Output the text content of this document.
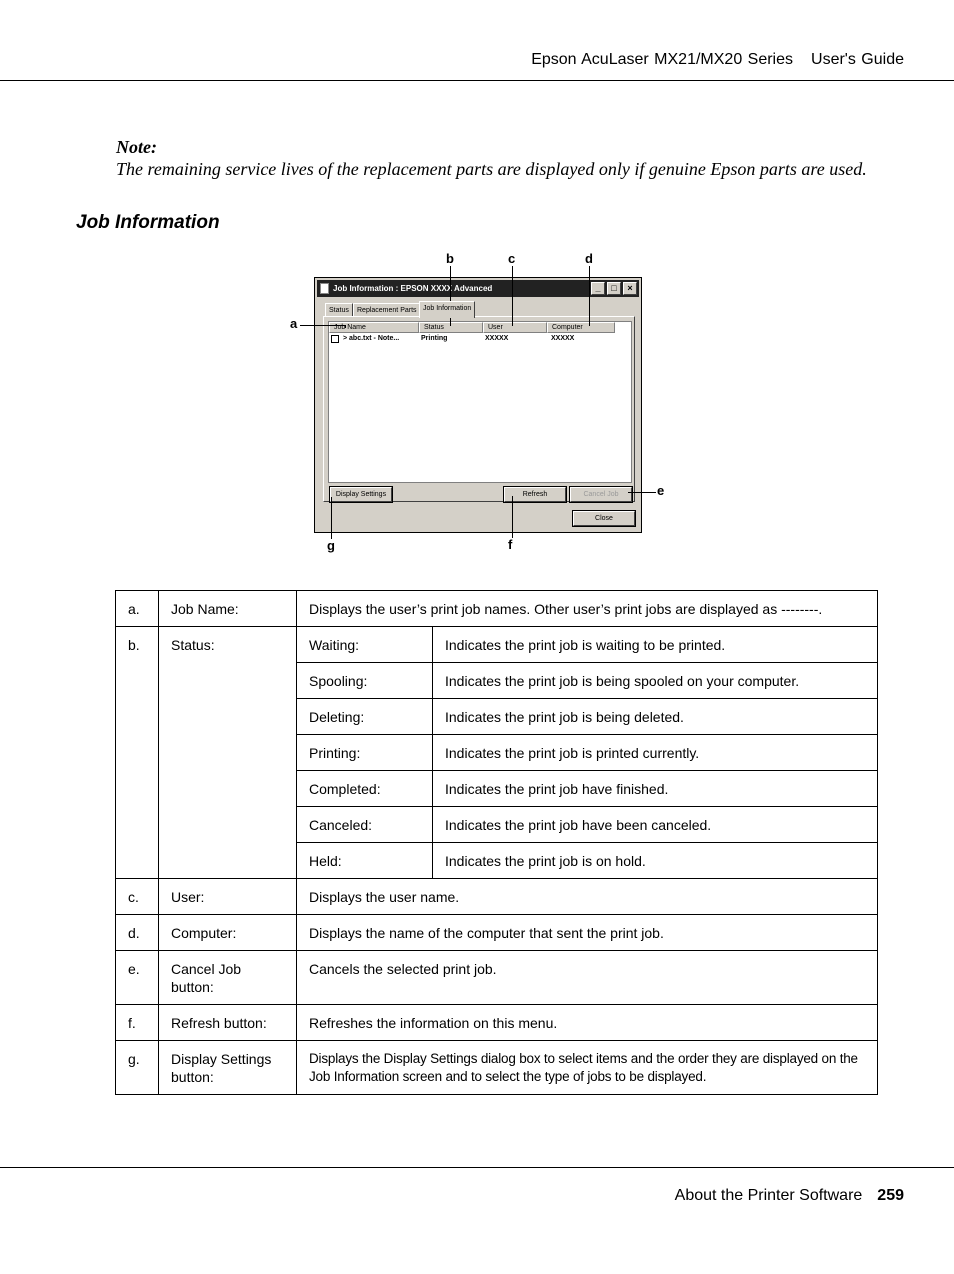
Epson AcuLaser MX21/MX20 Series User's Guide
Note:
The remaining service lives of the replacement parts are displayed only if genuine Epson parts are used.
Job Information
Job Information : EPSON XXXX Advanced	_	□	×
Status	Replacement Parts Job Information
Job Name	Status	User	Computer
> abc.txt - Note...	Printing	XXXXX	XXXXX
Display Settings	Refresh	Cancel Job
Close
a
b	c	d
e
f
g
a.	Job Name:	Displays the user’s print job names. Other user’s print jobs are displayed as --------.	
b.	Status:	Waiting:	Indicates the print job is waiting to be printed.
		Spooling:	Indicates the print job is being spooled on your computer.
		Deleting:	Indicates the print job is being deleted.
		Printing:	Indicates the print job is printed currently.
		Completed:	Indicates the print job have finished.
		Canceled:	Indicates the print job have been canceled.
		Held:	Indicates the print job is on hold.
c.	User:	Displays the user name.	
d.	Computer:	Displays the name of the computer that sent the print job.	
e.	Cancel Job button:	Cancels the selected print job.	
f.	Refresh button:	Refreshes the information on this menu.	
g.	Display Settings button:	Displays the Display Settings dialog box to select items and the order they are displayed on the Job Information screen and to select the type of jobs to be displayed.	
About the Printer Software 259
